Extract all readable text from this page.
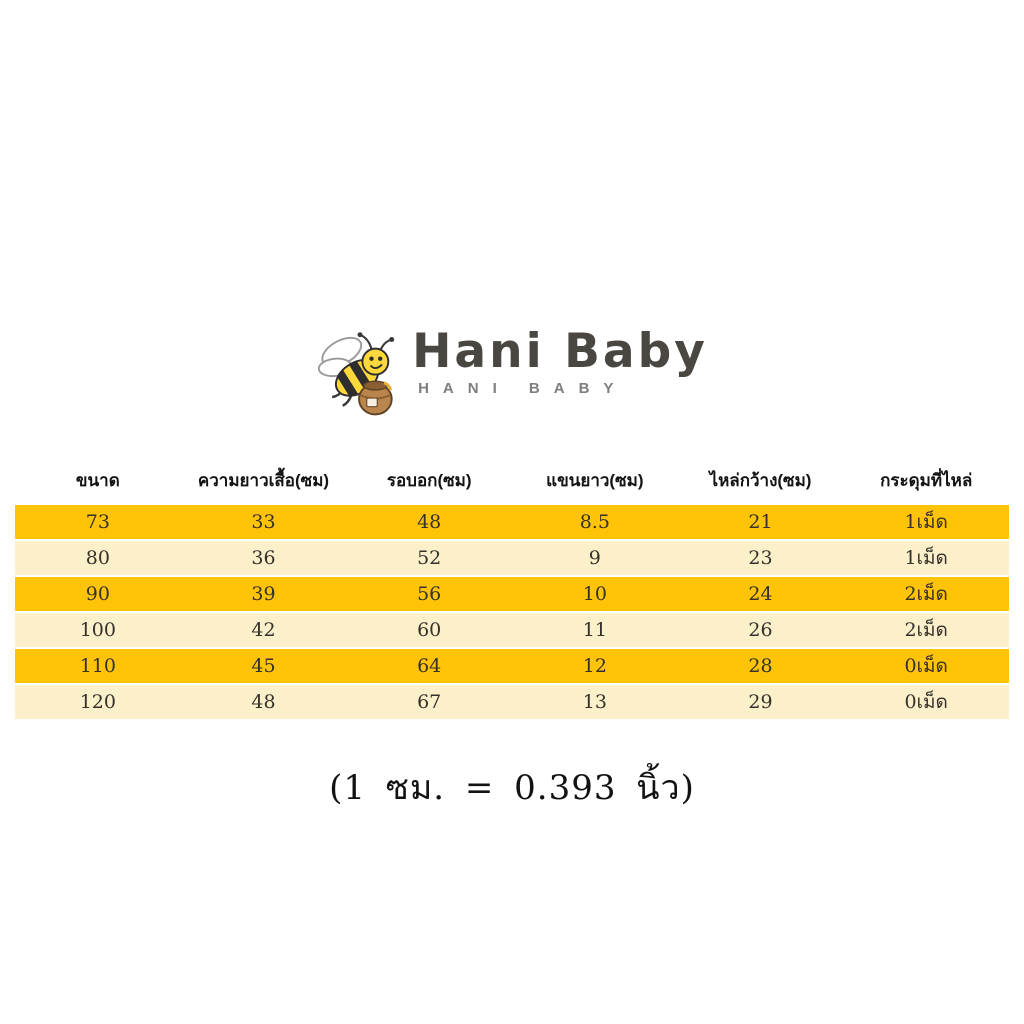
Hani Baby
HANI BABY
ขนาด	ความยาวเสื้อ(ซม)	รอบอก(ซม)	แขนยาว(ซม)	ไหล่กว้าง(ซม)	กระดุมที่ไหล่
73	33	48	8.5	21	1เม็ด
80	36	52	9	23	1เม็ด
90	39	56	10	24	2เม็ด
100	42	60	11	26	2เม็ด
110	45	64	12	28	0เม็ด
120	48	67	13	29	0เม็ด
(1 ซม. = 0.393 นิ้ว)
